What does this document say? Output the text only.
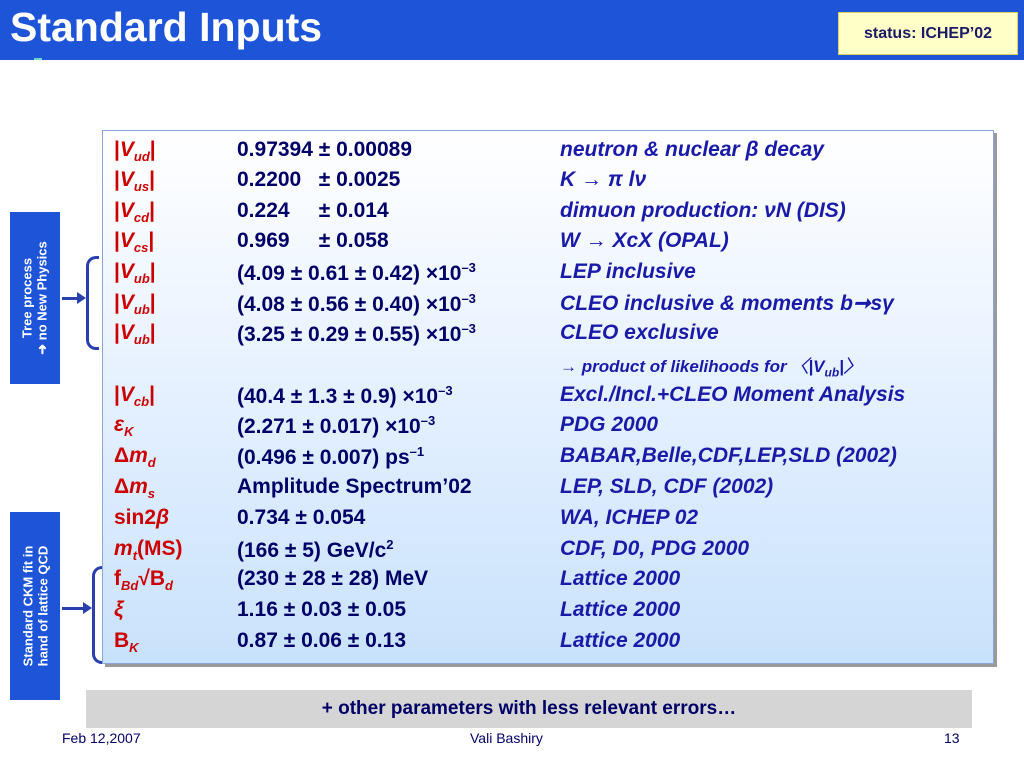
Standard Inputs	status: ICHEP’02
Tree process ➜ no New Physics
Standard CKM fit in hand of lattice QCD
$|V_{ud}|$	0.97394 ± 0.00089	neutron & nuclear β decay
$|V_{us}|$	0.2200   ± 0.0025	K → π lν
$|V_{cd}|$	0.224     ± 0.014	dimuon production: νN (DIS)
$|V_{cs}|$	0.969     ± 0.058	W → XcX (OPAL)
$|V_{ub}|$	$(4.09 \pm 0.61 \pm 0.42) \times 10^{-3}$	LEP inclusive
$|V_{ub}|$	$(4.08 \pm 0.56 \pm 0.40) \times 10^{-3}$	CLEO inclusive & moments b➞sγ
$|V_{ub}|$	$(3.25 \pm 0.29 \pm 0.55) \times 10^{-3}$	CLEO exclusive
→ product of likelihoods for 〈$|V_{ub}|$〉
$|V_{cb}|$	$(40.4 \pm 1.3 \pm 0.9) \times 10^{-3}$	Excl./Incl.+CLEO Moment Analysis
$\varepsilon_K$	$(2.271 \pm 0.017) \times 10^{-3}$	PDG 2000
$\Delta m_d$	(0.496 ± 0.007) $ps^{-1}$	BABAR,Belle,CDF,LEP,SLD (2002)
$\Delta m_s$	Amplitude Spectrum’02	LEP, SLD, CDF (2002)
sin2β	0.734 ± 0.054	WA, ICHEP 02
$m_t(MS)$	(166 ± 5) GeV/$c^2$	CDF, D0, PDG 2000
$f_{Bd}√B_d$	(230 ± 28 ± 28) MeV	Lattice 2000
ξ	1.16 ± 0.03 ± 0.05	Lattice 2000
$B_K$	0.87 ± 0.06 ± 0.13	Lattice 2000
+ other parameters with less relevant errors…
Feb 12,2007	Vali Bashiry	13
